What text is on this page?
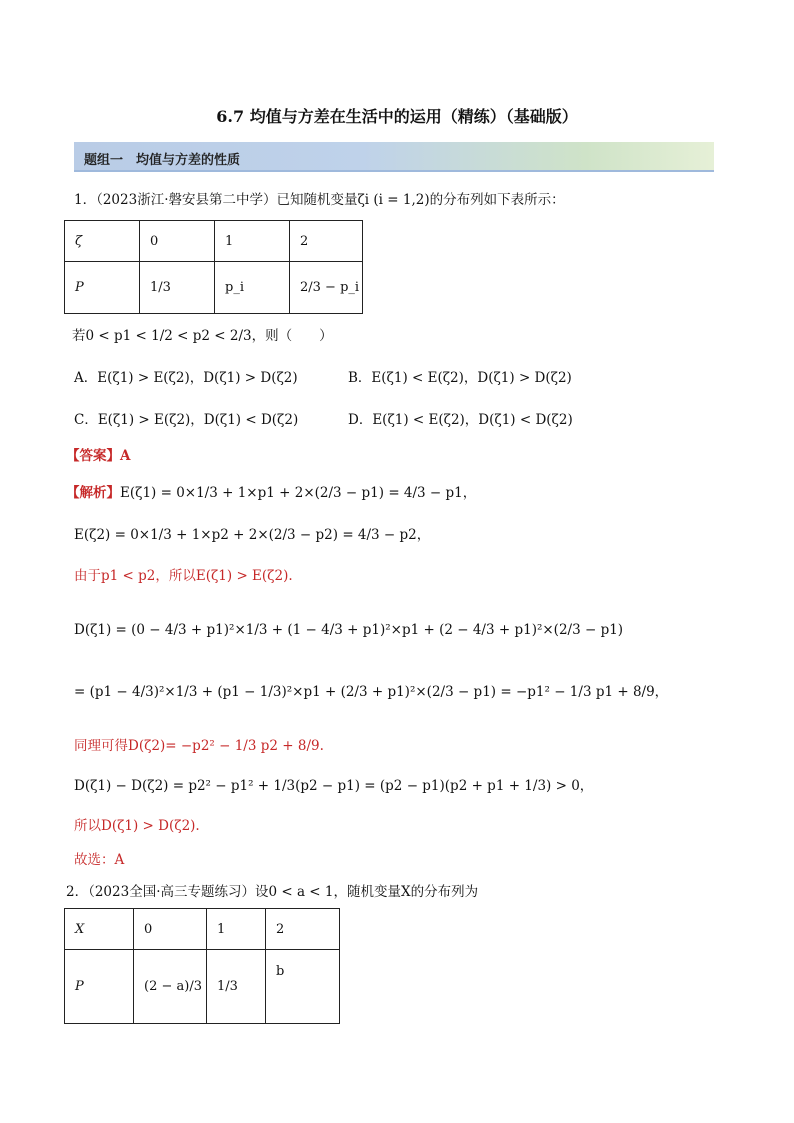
6.7 均值与方差在生活中的运用（精练）（基础版）
题组一　均值与方差的性质
1．（2023浙江·磐安县第二中学）已知随机变量ζi (i = 1,2)的分布列如下表所示：
ζ	0	1	2
P	1/3	p_i	2/3 − p_i
若0 < p1 < 1/2 < p2 < 2/3，则（　　）
A．E(ζ1) > E(ζ2)，D(ζ1) > D(ζ2)	B．E(ζ1) < E(ζ2)，D(ζ1) > D(ζ2)
C．E(ζ1) > E(ζ2)，D(ζ1) < D(ζ2)	D．E(ζ1) < E(ζ2)，D(ζ1) < D(ζ2)
【答案】A
【解析】E(ζ1) = 0×1/3 + 1×p1 + 2×(2/3 − p1) = 4/3 − p1，
E(ζ2) = 0×1/3 + 1×p2 + 2×(2/3 − p2) = 4/3 − p2，
由于p1 < p2，所以E(ζ1) > E(ζ2).
D(ζ1) = (0 − 4/3 + p1)²×1/3 + (1 − 4/3 + p1)²×p1 + (2 − 4/3 + p1)²×(2/3 − p1)
= (p1 − 4/3)²×1/3 + (p1 − 1/3)²×p1 + (2/3 + p1)²×(2/3 − p1) = −p1² − 1/3 p1 + 8/9，
同理可得D(ζ2)= −p2² − 1/3 p2 + 8/9.
D(ζ1) − D(ζ2) = p2² − p1² + 1/3(p2 − p1) = (p2 − p1)(p2 + p1 + 1/3) > 0，
所以D(ζ1) > D(ζ2).
故选：A
2．（2023全国·高三专题练习）设0 < a < 1，随机变量X的分布列为
X	0	1	2
P	(2 − a)/3	1/3	b
